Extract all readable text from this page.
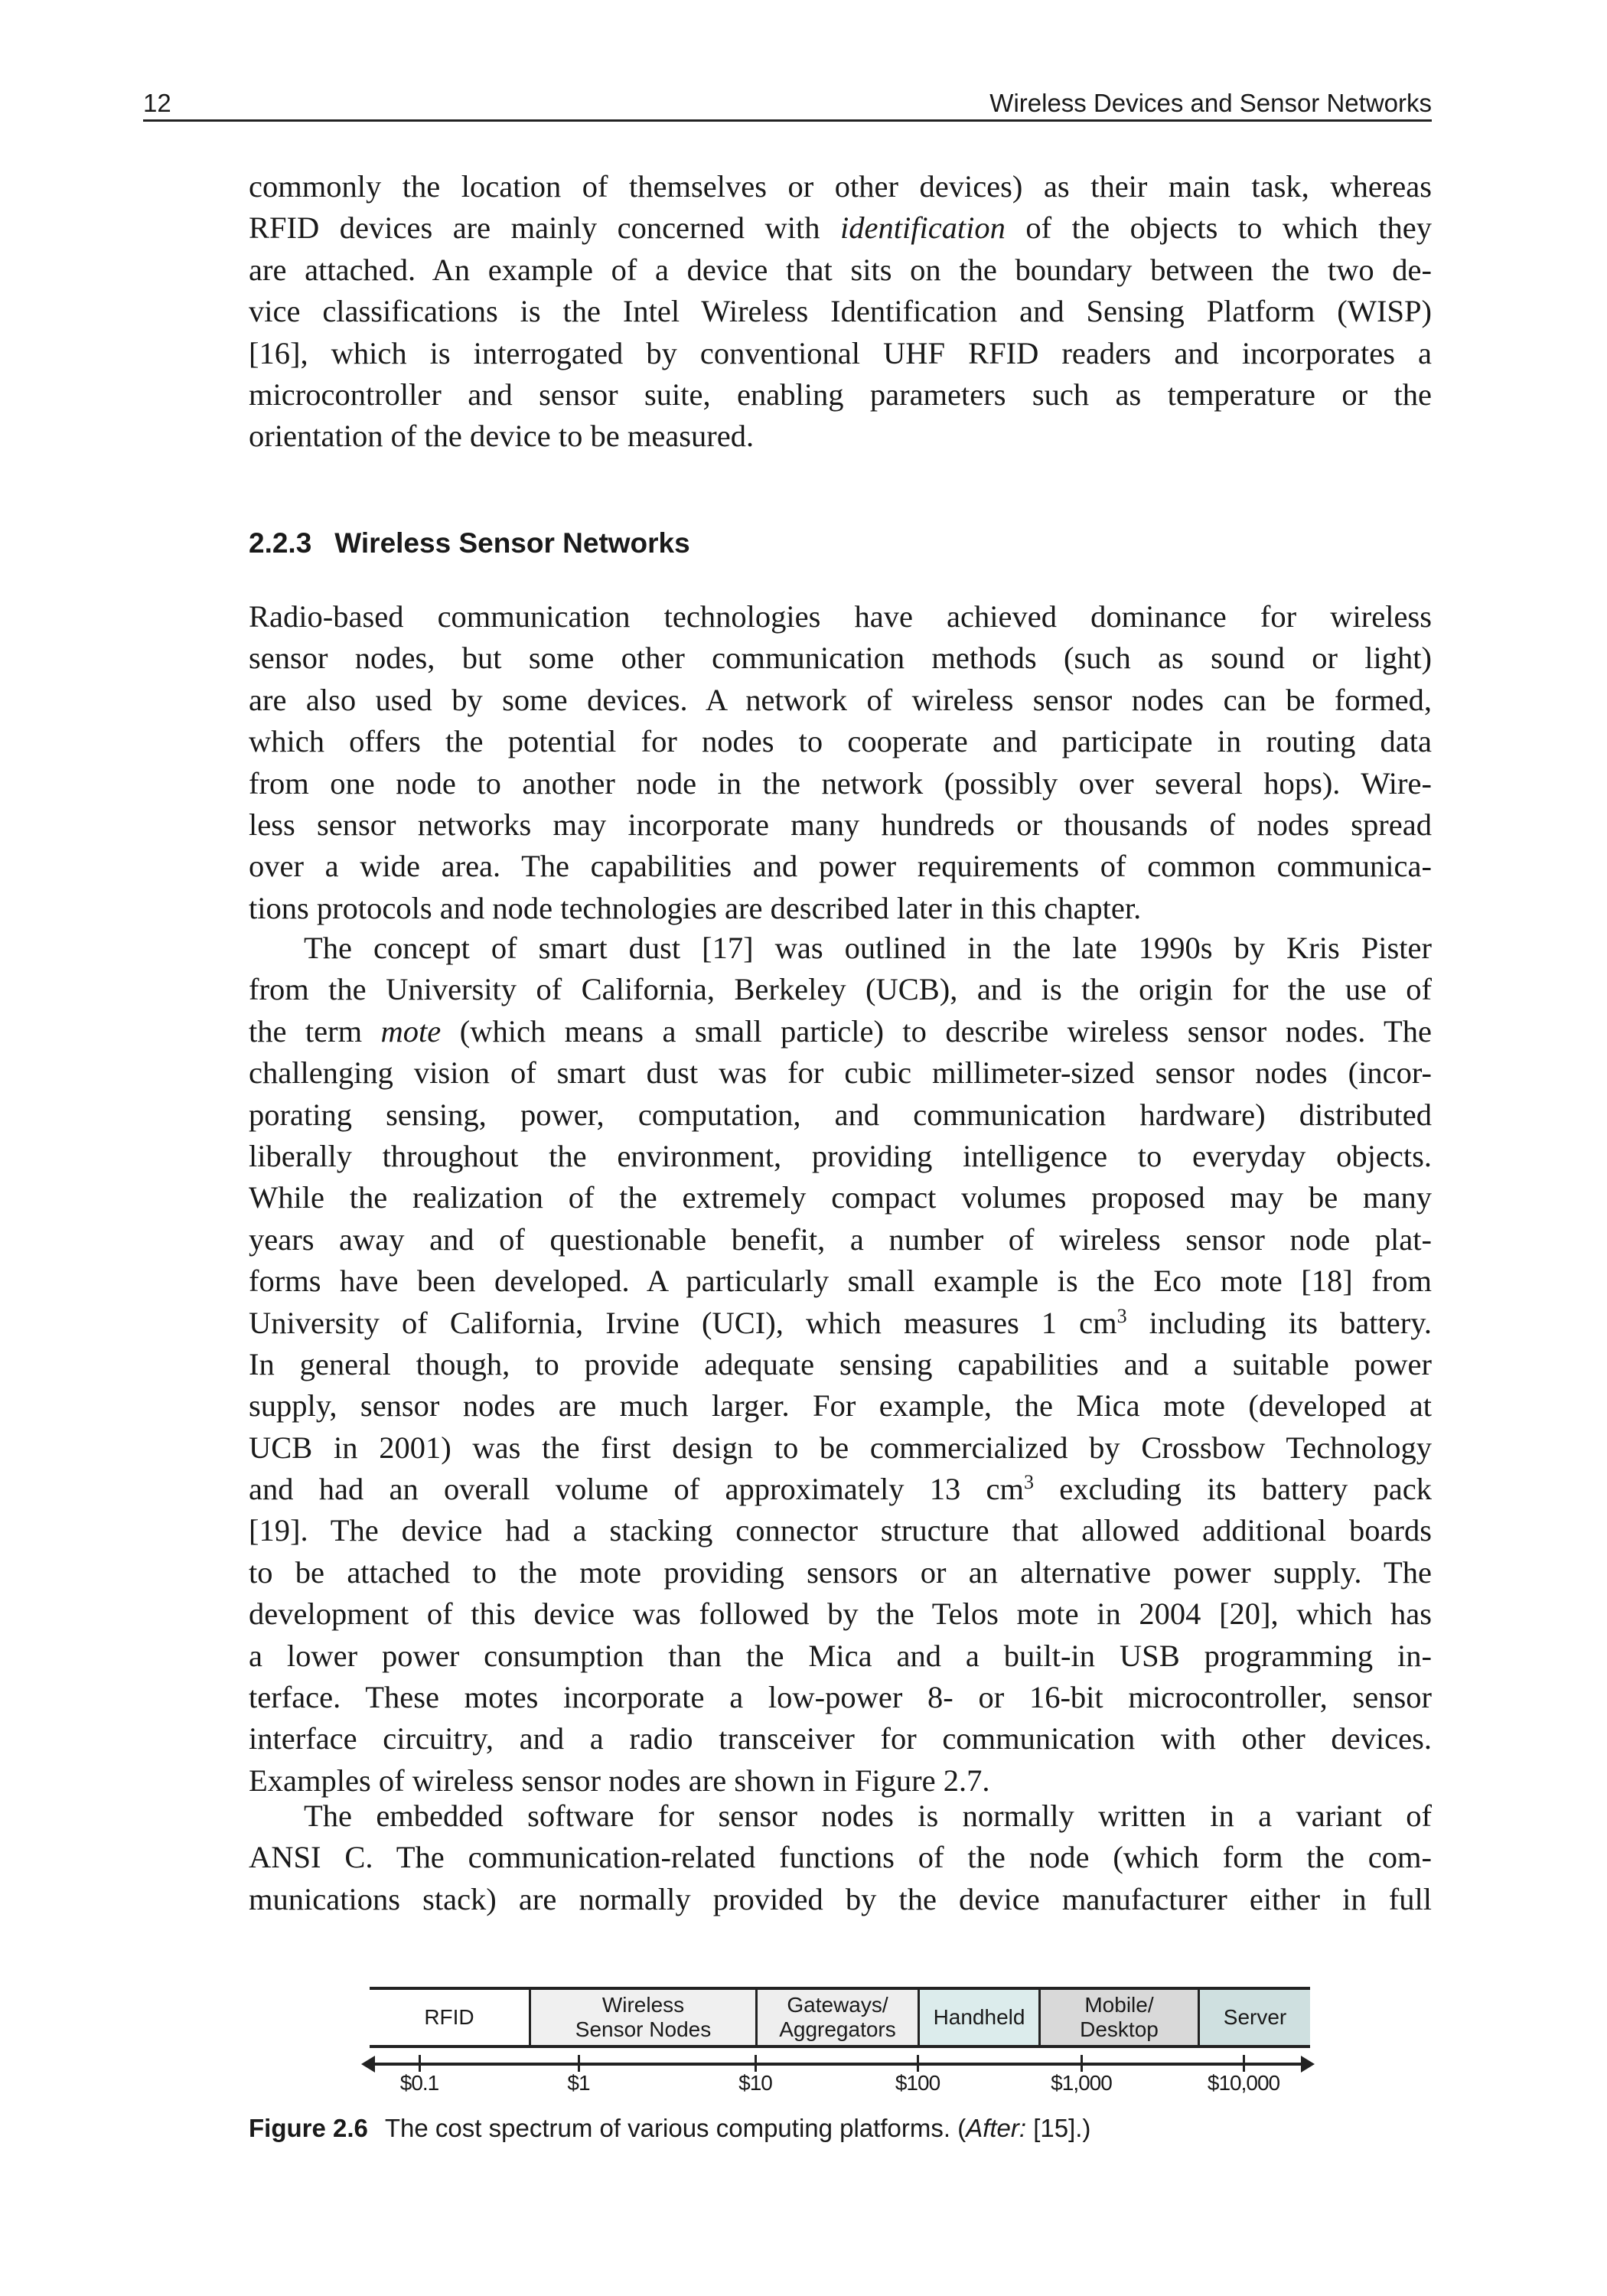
12	Wireless Devices and Sensor Networks
commonly the location of themselves or other devices) as their main task, whereas
RFID devices are mainly concerned with identification of the objects to which they
are attached. An example of a device that sits on the boundary between the two de-
vice classifications is the Intel Wireless Identification and Sensing Platform (WISP)
[16], which is interrogated by conventional UHF RFID readers and incorporates a
microcontroller and sensor suite, enabling parameters such as temperature or the
orientation of the device to be measured.
2.2.3 Wireless Sensor Networks
Radio-based communication technologies have achieved dominance for wireless
sensor nodes, but some other communication methods (such as sound or light)
are also used by some devices. A network of wireless sensor nodes can be formed,
which offers the potential for nodes to cooperate and participate in routing data
from one node to another node in the network (possibly over several hops). Wire-
less sensor networks may incorporate many hundreds or thousands of nodes spread
over a wide area. The capabilities and power requirements of common communica-
tions protocols and node technologies are described later in this chapter.
The concept of smart dust [17] was outlined in the late 1990s by Kris Pister
from the University of California, Berkeley (UCB), and is the origin for the use of
the term mote (which means a small particle) to describe wireless sensor nodes. The
challenging vision of smart dust was for cubic millimeter-sized sensor nodes (incor-
porating sensing, power, computation, and communication hardware) distributed
liberally throughout the environment, providing intelligence to everyday objects.
While the realization of the extremely compact volumes proposed may be many
years away and of questionable benefit, a number of wireless sensor node plat-
forms have been developed. A particularly small example is the Eco mote [18] from
University of California, Irvine (UCI), which measures 1 $cm^3$ including its battery.
In general though, to provide adequate sensing capabilities and a suitable power
supply, sensor nodes are much larger. For example, the Mica mote (developed at
UCB in 2001) was the first design to be commercialized by Crossbow Technology
and had an overall volume of approximately 13 $cm^3$ excluding its battery pack
[19]. The device had a stacking connector structure that allowed additional boards
to be attached to the mote providing sensors or an alternative power supply. The
development of this device was followed by the Telos mote in 2004 [20], which has
a lower power consumption than the Mica and a built-in USB programming in-
terface. These motes incorporate a low-power 8- or 16-bit microcontroller, sensor
interface circuitry, and a radio transceiver for communication with other devices.
Examples of wireless sensor nodes are shown in Figure 2.7.
The embedded software for sensor nodes is normally written in a variant of
ANSI C. The communication-related functions of the node (which form the com-
munications stack) are normally provided by the device manufacturer either in full
RFID
Wireless Sensor Nodes
Gateways/ Aggregators
Handheld
Mobile/ Desktop
Server
$0.1	$1	$10	$100	$1,000	$10,000
Figure 2.6 The cost spectrum of various computing platforms. (After: [15].)
